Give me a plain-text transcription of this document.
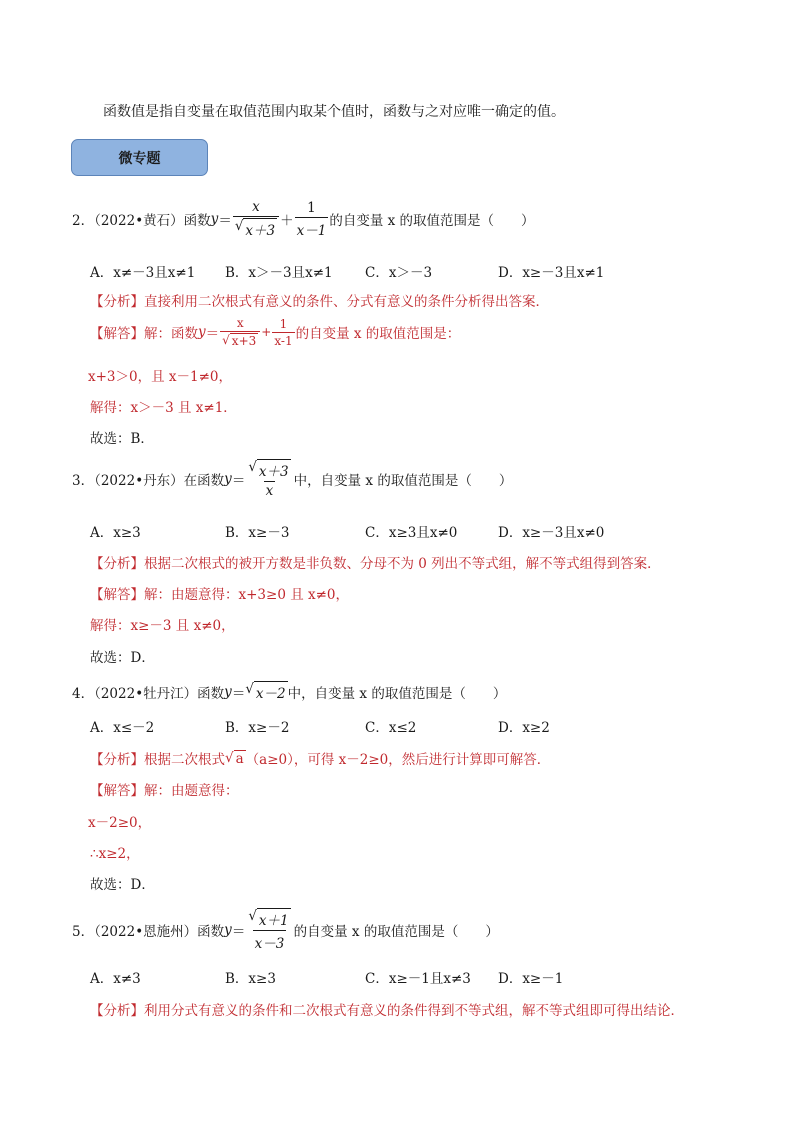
函数值是指自变量在取值范围内取某个值时，函数与之对应唯一确定的值。
微专题
2．（2022•黄石）函数 $y = \frac{x}{√ x+3} + \frac{1}{x-1}$ 的自变量 x 的取值范围是（　　）
A．x≠－3且x≠1 B．x＞－3且x≠1 C．x＞－3	D．x≥－3且x≠1
【分析】直接利用二次根式有意义的条件、分式有意义的条件分析得出答案．
【解答】 解：函数 $y = \frac{x}{√ x+3} + \frac{1}{x-1}$ 的自变量 x 的取值范围是：
x+3＞0，且 x－1≠0，
解得：x＞－3 且 x≠1．
故选：B．
3．（2022•丹东）在函数 $y = \frac{√ x+3}{x}$ 中，自变量 x 的取值范围是（　　）
A．x≥3	B．x≥－3	C．x≥3且x≠0	D．x≥－3且x≠0
【分析】根据二次根式的被开方数是非负数、分母不为 0 列出不等式组，解不等式组得到答案．
【解答】解：由题意得：x+3≥0 且 x≠0，
解得：x≥－3 且 x≠0，
故选：D．
4．（2022•牡丹江）函数 y ＝ √ x－2 中，自变量 x 的取值范围是（　　）
A．x≤－2	B．x≥－2	C．x≤2	D．x≥2
【分析】 根据二次根式 √ a （a≥0），可得 x－2≥0，然后进行计算即可解答．
【解答】解：由题意得：
x－2≥0，
∴x≥2，
故选：D．
5．（2022•恩施州）函数 $y = \frac{√ x+1}{x-3}$ 的自变量 x 的取值范围是（　　）
A．x≠3	B．x≥3	C．x≥－1且x≠3 D．x≥－1
【分析】利用分式有意义的条件和二次根式有意义的条件得到不等式组，解不等式组即可得出结论．
